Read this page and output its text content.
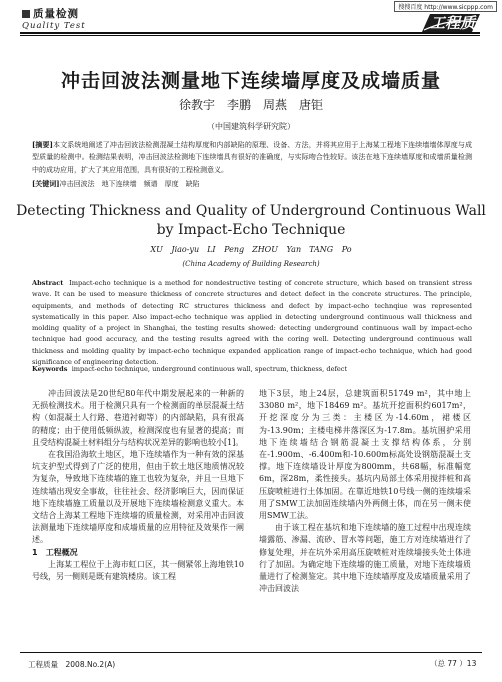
搜搜百度 http://www.sicppp.com
质量检测
Quality Test	工程质量
冲击回波法测量地下连续墙厚度及成墙质量
徐教宇　李鹏　周燕　唐钜
（中国建筑科学研究院）
[摘要]本文系统地阐述了冲击回波法检测混凝土结构厚度和内部缺陷的原理、设备、方法，并将其应用于上海某工程地下连续墙墙体厚度与成型质量的检测中。检测结果表明，冲击回波法检测地下连续墙具有很好的准确度，与实际吻合性较好。该法在地下连续墙厚度和成墙质量检测中的成功应用，扩大了其应用范围，具有很好的工程检测意义。
[关键词]冲击回波法　地下连续墙　频谱　厚度　缺陷
Detecting Thickness and Quality of Underground Continuous Wall
by Impact-Echo Technique
XU Jiao-yu　LI Peng　ZHOU Yan　TANG Po
(China Academy of Building Research)
Abstract Impact-echo technique is a method for nondestructive testing of concrete structure, which based on transient stress wave. It can be used to measure thickness of concrete structures and detect defect in the concrete structures. The principle, equipments, and methods of detecting RC structures thickness and defect by impact-echo technqiue was represented systematically in this paper. Also impact-echo technique was applied in detecting underground continuous wall thickness and molding quality of a project in Shanghai, the testing results showed: detecting underground continuous wall by impact-echo technique had good accuracy, and the testing results agreed with the coring well. Detecting underground continuous wall thickness and molding quality by impact-echo technique expanded application range of impact-echo technique, which had good significance of engineering detection.
Keywords impact-echo technique, underground continuous wall, spectrum, thickness, defect

冲击回波法是20世纪80年代中期发展起来的一种新的无损检测技术。用于检测只具有一个检测面的单层混凝土结构（如混凝土人行路、巷道衬砌等）的内部缺陷，具有很高的精度；由于使用低频纵波，检测深度也有显著的提高；而且受结构混凝土材料组分与结构状况差异的影响也较小[1]。

在我国沿海软土地区，地下连续墙作为一种有效的深基坑支护型式得到了广泛的使用，但由于软土地区地质情况较为复杂，导致地下连续墙的施工也较为复杂，并且一旦地下连续墙出现安全事故，往往社会、经济影响巨大，因而保证地下连续墙施工质量以及开展地下连续墙检测意义重大。本文结合上海某工程地下连续墙的质量检测，对采用冲击回波法测量地下连续墙厚度和成墙质量的应用特征及效果作一阐述。

1　工程概况

上海某工程位于上海市虹口区，其一侧紧邻上海地铁10号线，另一侧则是既有建筑楼房。该工程

地下3层，地上24层，总建筑面积51749 m²，其中地上33080 m²，地下18469 m²。基坑开挖面积约6017m²，开挖深度分为三类：主楼区为-14.60m，裙楼区为-13.90m；主楼电梯井落深区为-17.8m。基坑围护采用地下连续墙结合钢筋混凝土支撑结构体系，分别在-1.900m、-6.400m和-10.600m标高处设钢筋混凝土支撑。地下连续墙设计厚度为800mm，共68幅，标准幅宽6m，深28m，柔性接头。基坑内局部土体采用搅拌桩和高压旋喷桩进行土体加固。在靠近地铁10号线一侧的连续墙采用了SMW工法加固连续墙内外两侧土体，而在另一侧未使用SMW工法。

由于该工程在基坑和地下连续墙的施工过程中出现连续墙露筋、渗漏、流砂、冒水等问题，施工方对连续墙进行了修复处理，并在坑外采用高压旋喷桩对连续墙接头处土体进行了加固。为确定地下连续墙的施工质量，对地下连续墙质量进行了检测鉴定。其中地下连续墙厚度及成墙质量采用了冲击回波法

工程质量　2008.No.2(A)	（总 77 ）13
